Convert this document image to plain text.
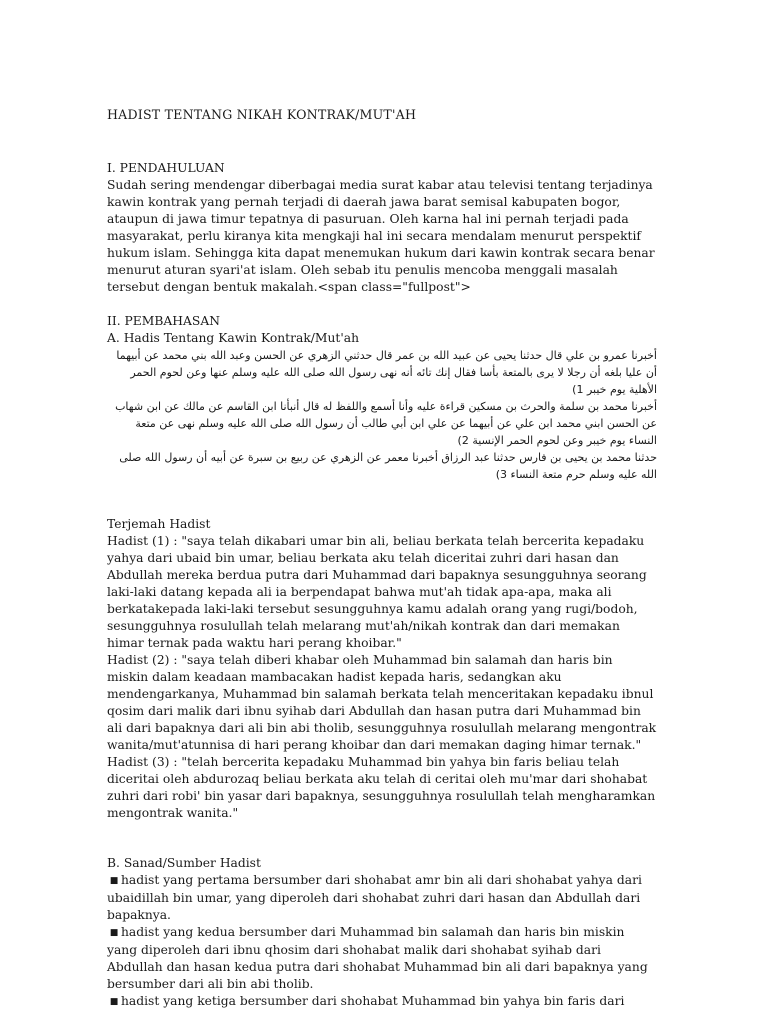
HADIST TENTANG NIKAH KONTRAK/MUT'AH

I. PENDAHULUAN

Sudah sering mendengar diberbagai media surat kabar atau televisi tentang terjadinya kawin kontrak yang pernah terjadi di daerah jawa barat semisal kabupaten bogor, ataupun di jawa timur tepatnya di pasuruan. Oleh karna hal ini pernah terjadi pada masyarakat, perlu kiranya kita mengkaji hal ini secara mendalam menurut perspektif hukum islam. Sehingga kita dapat menemukan hukum dari kawin kontrak secara benar menurut aturan syari'at islam. Oleh sebab itu penulis mencoba menggali masalah tersebut dengan bentuk makalah.<span class="fullpost">

II. PEMBAHASAN

A. Hadis Tentang Kawin Kontrak/Mut'ah

أخبرنا عمرو بن علي قال حدثنا يحيى عن عبيد الله بن عمر قال حدثني الزهري عن الحسن وعبد الله بني محمد عن أبيهما أن عليا بلغه أن رجلا لا يرى بالمتعة بأسا فقال إنك تائه أنه نهى رسول الله صلى الله عليه وسلم عنها وعن لحوم الحمر الأهلية يوم خيبر 1)
أخبرنا محمد بن سلمة والحرث بن مسكين قراءة عليه وأنا أسمع واللفظ له قال أنبأنا ابن القاسم عن مالك عن ابن شهاب عن الحسن ابني محمد ابن علي عن أبيهما عن علي ابن أبي طالب أن رسول الله صلى الله عليه وسلم نهى عن متعة النساء يوم خيبر وعن لحوم الحمر الإنسية 2)
حدثنا محمد بن يحيى بن فارس حدثنا عبد الرزاق أخبرنا معمر عن الزهري عن ربيع بن سبرة عن أبيه أن رسول الله صلى الله عليه وسلم حرم متعة النساء 3)

Terjemah Hadist

Hadist (1) : "saya telah dikabari umar bin ali, beliau berkata telah bercerita kepadaku yahya dari ubaid bin umar, beliau berkata aku telah diceritai zuhri dari hasan dan Abdullah mereka berdua putra dari Muhammad dari bapaknya sesungguhnya seorang laki-laki datang kepada ali ia berpendapat bahwa mut'ah tidak apa-apa, maka ali berkatakepada laki-laki tersebut sesungguhnya kamu adalah orang yang rugi/bodoh, sesungguhnya rosulullah telah melarang mut'ah/nikah kontrak dan dari memakan himar ternak pada waktu hari perang khoibar."

Hadist (2) : "saya telah diberi khabar oleh Muhammad bin salamah dan haris bin miskin dalam keadaan mambacakan hadist kepada haris, sedangkan aku mendengarkanya, Muhammad bin salamah berkata telah menceritakan kepadaku ibnul qosim dari malik dari ibnu syihab dari Abdullah dan hasan putra dari Muhammad bin ali dari bapaknya dari ali bin abi tholib, sesungguhnya rosulullah melarang mengontrak wanita/mut'atunnisa di hari perang khoibar dan dari memakan daging himar ternak."

Hadist (3) : "telah bercerita kepadaku Muhammad bin yahya bin faris beliau telah diceritai oleh abdurozaq beliau berkata aku telah di ceritai oleh mu'mar dari shohabat zuhri dari robi' bin yasar dari bapaknya, sesungguhnya rosulullah telah mengharamkan mengontrak wanita."

B. Sanad/Sumber Hadist

■ hadist yang pertama bersumber dari shohabat amr bin ali dari shohabat yahya dari ubaidillah bin umar, yang diperoleh dari shohabat zuhri dari hasan dan Abdullah dari bapaknya.
■ hadist yang kedua bersumber dari Muhammad bin salamah dan haris bin miskin yang diperoleh dari ibnu qhosim dari shohabat malik dari shohabat syihab dari Abdullah dan hasan kedua putra dari shohabat Muhammad bin ali dari bapaknya yang bersumber dari ali bin abi tholib.
■ hadist yang ketiga bersumber dari shohabat Muhammad bin yahya bin faris dari
